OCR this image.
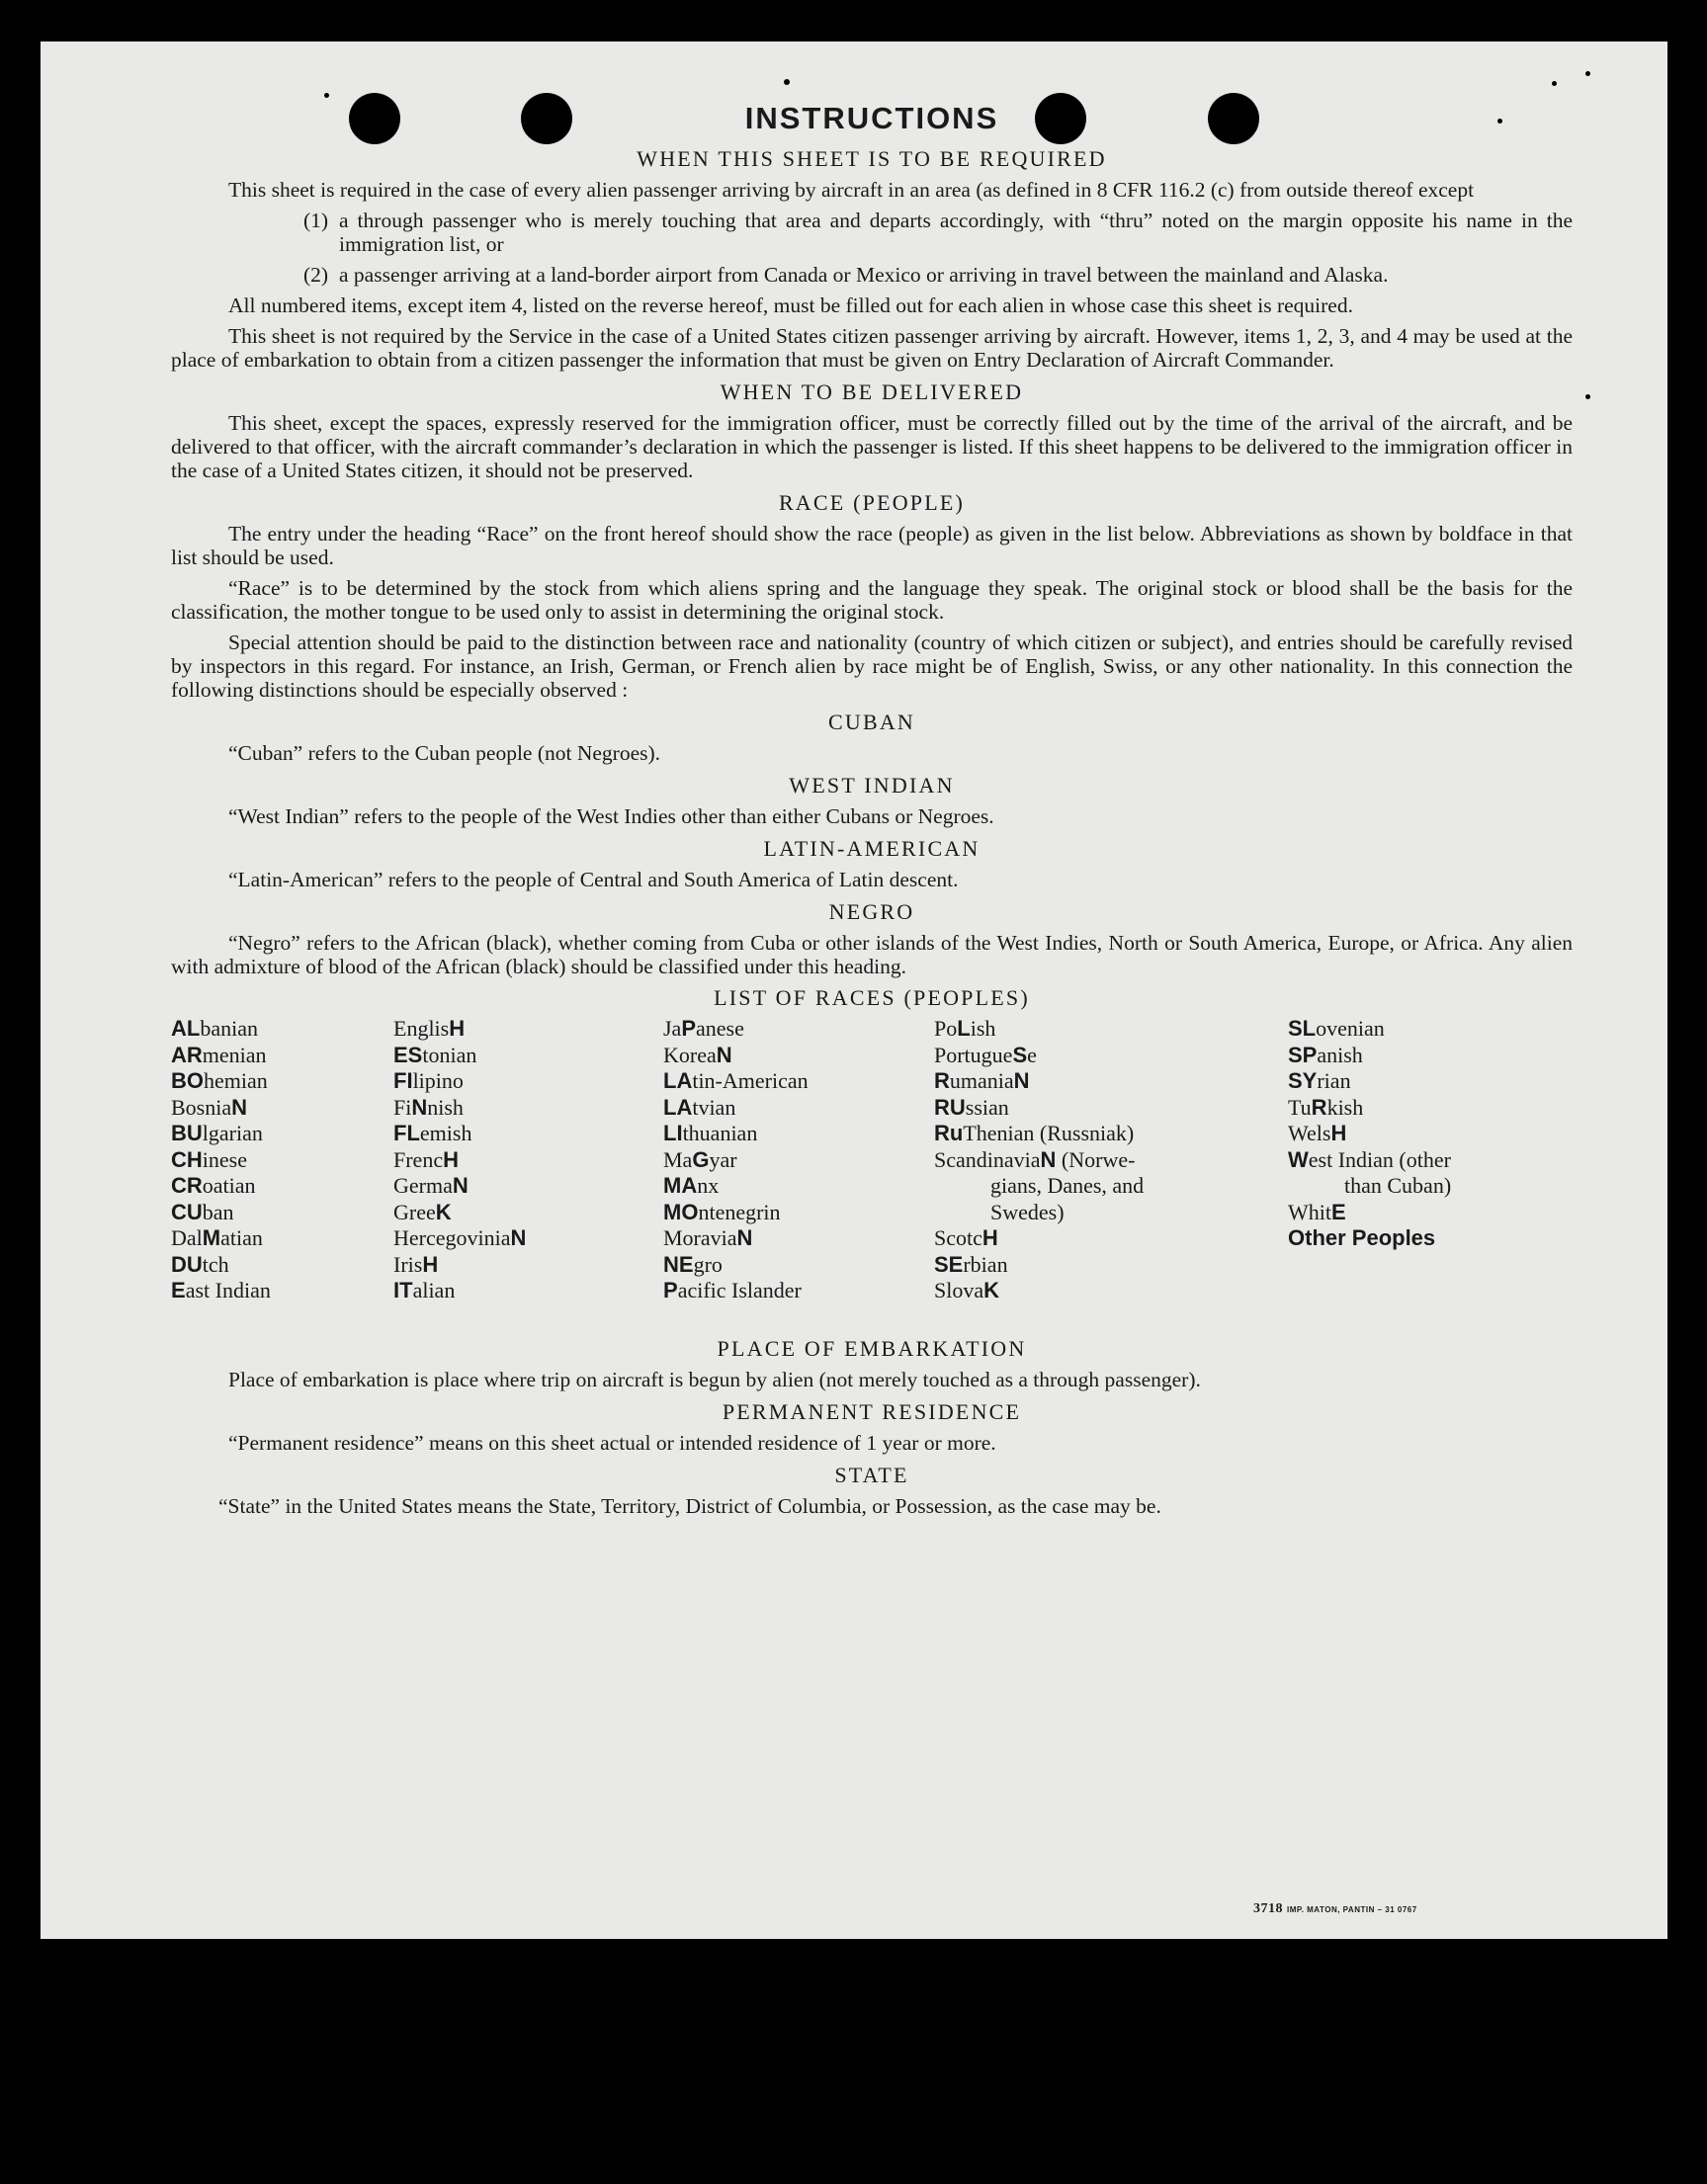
INSTRUCTIONS
WHEN THIS SHEET IS TO BE REQUIRED

This sheet is required in the case of every alien passenger arriving by aircraft in an area (as defined in 8 CFR 116.2 (c) from outside thereof except

(1) a through passenger who is merely touching that area and departs accordingly, with “thru” noted on the margin opposite his name in the immigration list, or

(2) a passenger arriving at a land-border airport from Canada or Mexico or arriving in travel between the mainland and Alaska.

All numbered items, except item 4, listed on the reverse hereof, must be filled out for each alien in whose case this sheet is required.

This sheet is not required by the Service in the case of a United States citizen passenger arriving by aircraft. However, items 1, 2, 3, and 4 may be used at the place of embarkation to obtain from a citizen passenger the information that must be given on Entry Declaration of Aircraft Commander.

WHEN TO BE DELIVERED

This sheet, except the spaces, expressly reserved for the immigration officer, must be correctly filled out by the time of the arrival of the aircraft, and be delivered to that officer, with the aircraft commander’s declaration in which the passenger is listed. If this sheet happens to be delivered to the immigration officer in the case of a United States citizen, it should not be preserved.

RACE (PEOPLE)

The entry under the heading “Race” on the front hereof should show the race (people) as given in the list below. Abbreviations as shown by boldface in that list should be used.

“Race” is to be determined by the stock from which aliens spring and the language they speak. The original stock or blood shall be the basis for the classification, the mother tongue to be used only to assist in determining the original stock.

Special attention should be paid to the distinction between race and nationality (country of which citizen or subject), and entries should be carefully revised by inspectors in this regard. For instance, an Irish, German, or French alien by race might be of English, Swiss, or any other nationality. In this connection the following distinctions should be especially observed :

CUBAN

“Cuban” refers to the Cuban people (not Negroes).

WEST INDIAN

“West Indian” refers to the people of the West Indies other than either Cubans or Negroes.

LATIN-AMERICAN

“Latin-American” refers to the people of Central and South America of Latin descent.

NEGRO

“Negro” refers to the African (black), whether coming from Cuba or other islands of the West Indies, North or South America, Europe, or Africa. Any alien with admixture of blood of the African (black) should be classified under this heading.

LIST OF RACES (PEOPLES)
ALbanian
ARmenian
BOhemian
BosniaN
BUlgarian
CHinese
CRoatian
CUban
DalMatian
DUtch
East Indian
EnglisH
EStonian
FIlipino
FiNnish
FLemish
FrencH
GermaN
GreeK
HercegoviniaN
IrisH
ITalian
JaPanese
KoreaN
LAtin-American
LAtvian
LIthuanian
MaGyar
MAnx
MOntenegrin
MoraviaN
NEgro
Pacific Islander
PoLish
PortugueSe
RumaniaN
RUssian
RuThenian (Russniak)
ScandinaviaN (Norwe-
gians, Danes, and
Swedes)
ScotcH
SErbian
SlovaK
SLovenian
SPanish
SYrian
TuRkish
WelsH
West Indian (other
than Cuban)
WhitE
Other Peoples
PLACE OF EMBARKATION

Place of embarkation is place where trip on aircraft is begun by alien (not merely touched as a through passenger).

PERMANENT RESIDENCE

“Permanent residence” means on this sheet actual or intended residence of 1 year or more.

STATE

“State” in the United States means the State, Territory, District of Columbia, or Possession, as the case may be.

3718 IMP. MATON, PANTIN – 31 0767
